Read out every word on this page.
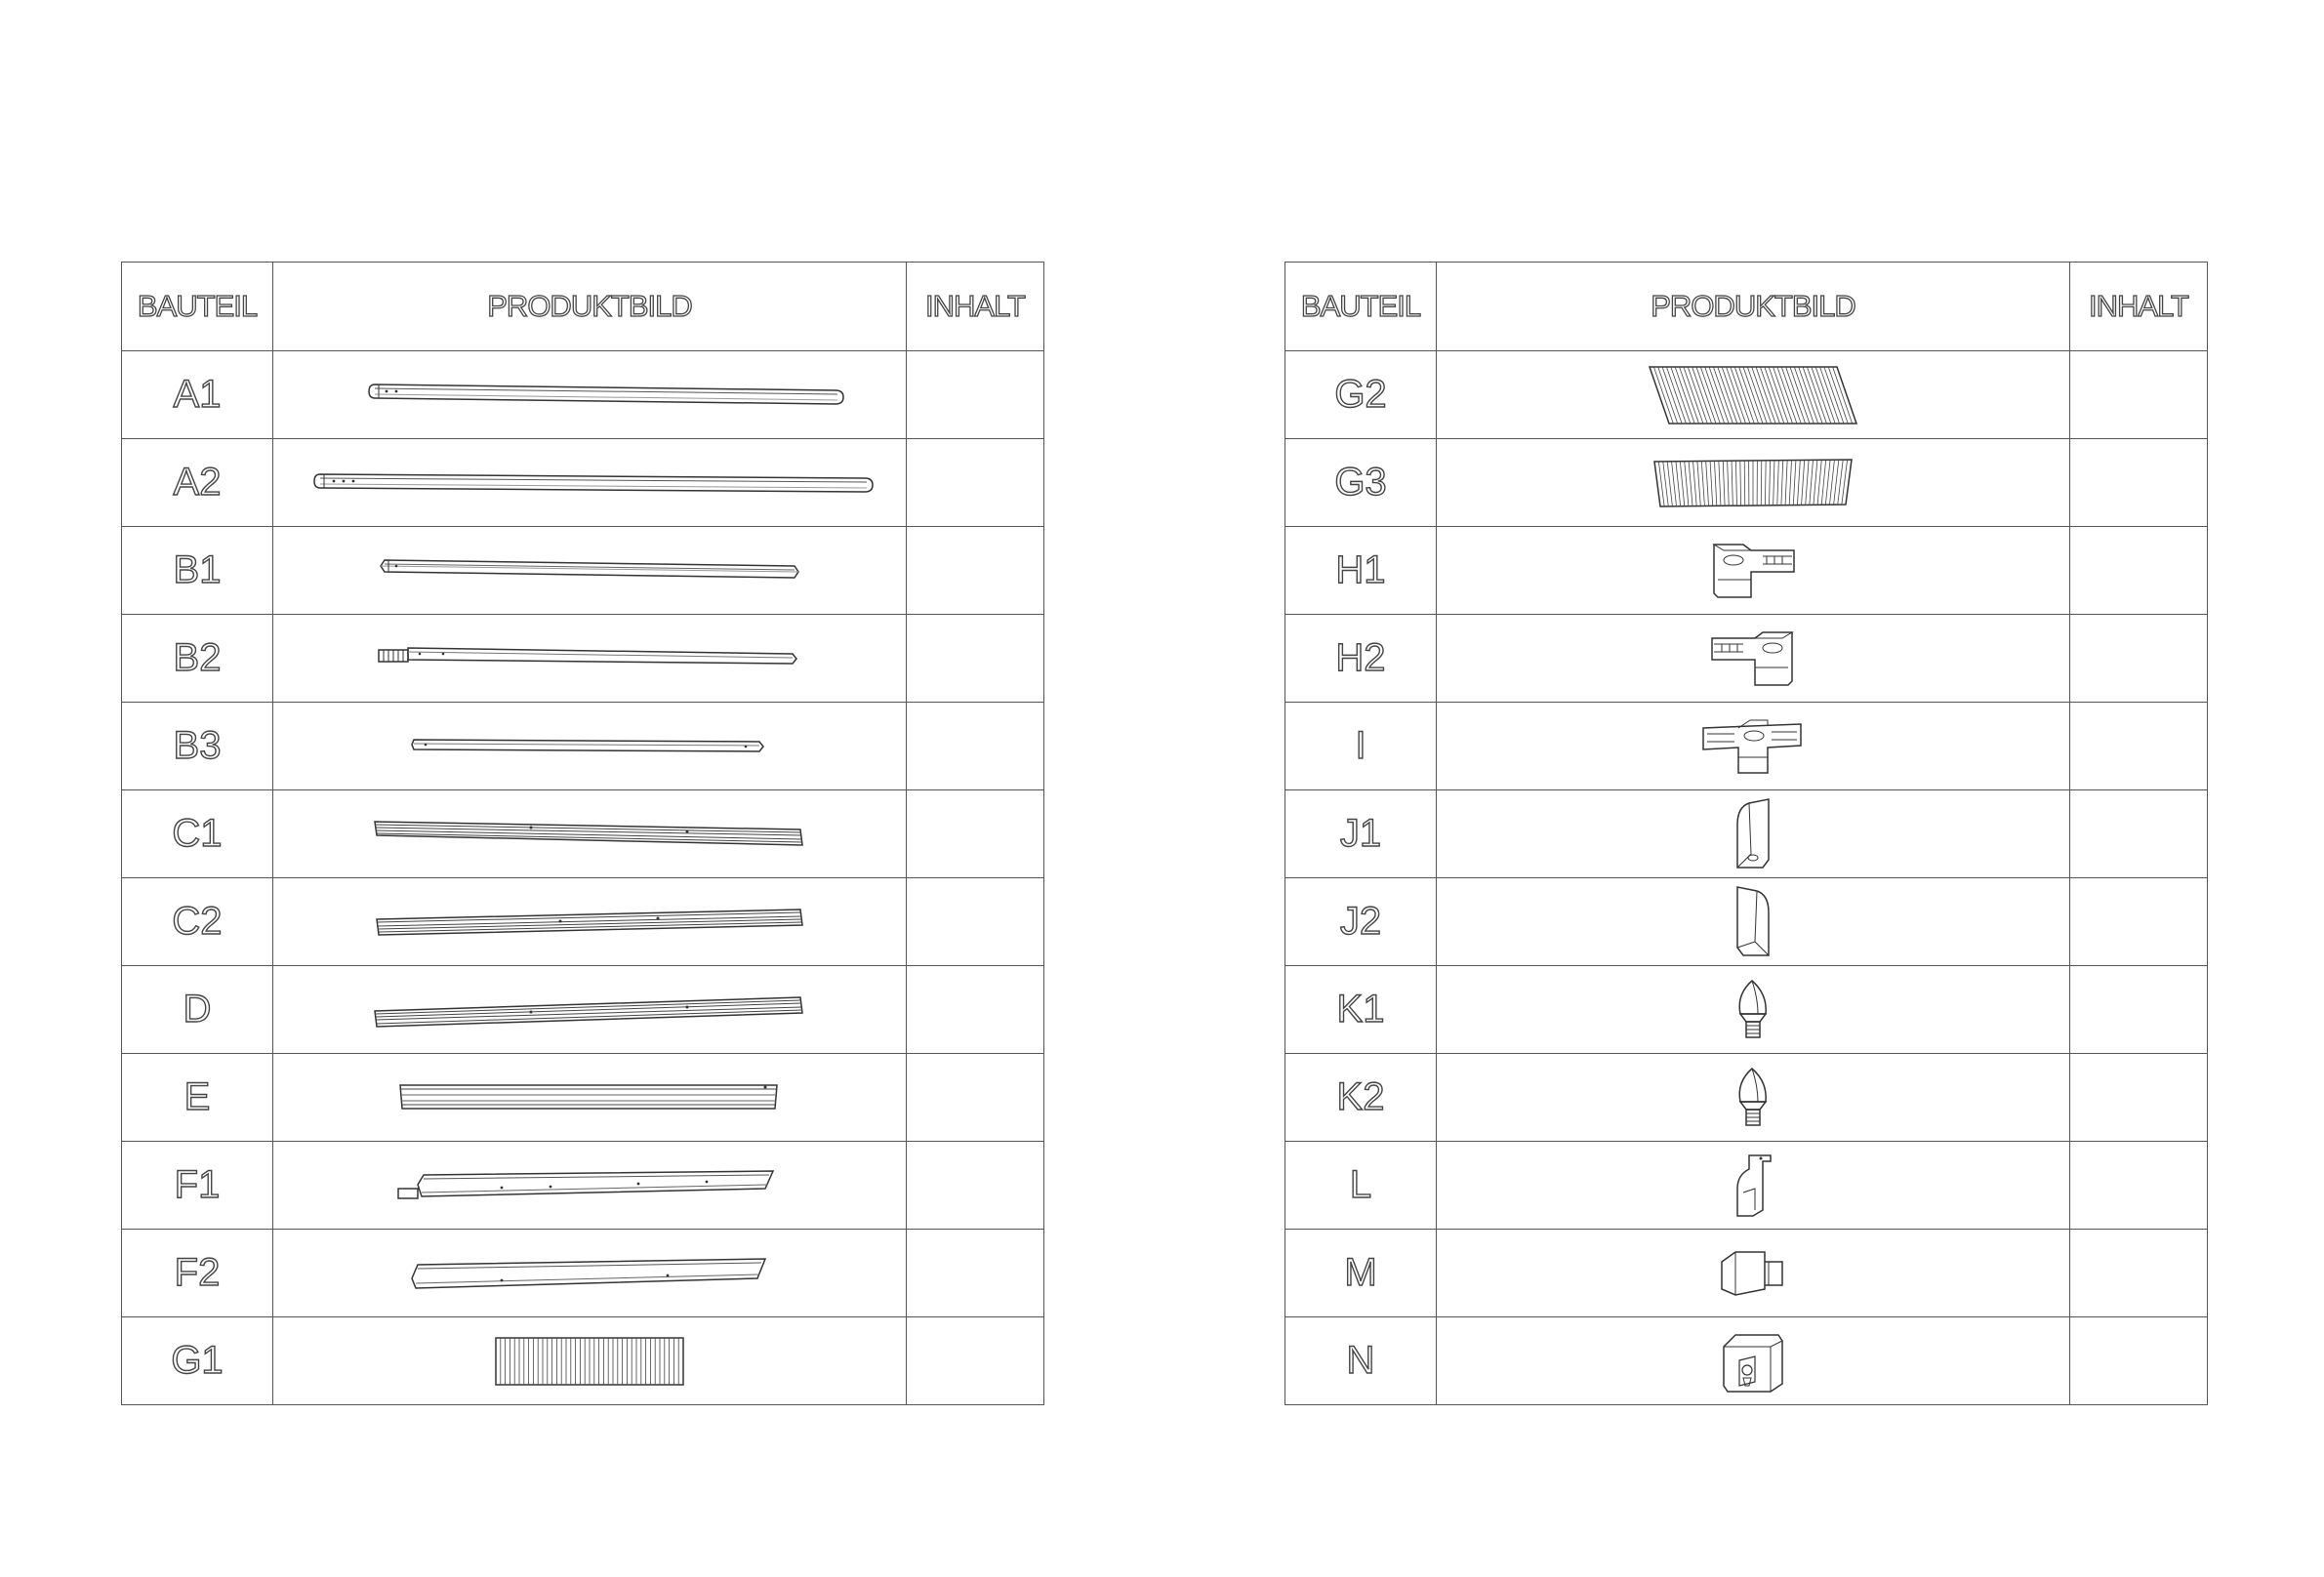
BAUTEIL	PRODUKTBILD	INHALT
A1	

A2	

B1	

B2	

B3	

C1	

C2	

D	

E	

F1	

F2	

G1	

BAUTEIL	PRODUKTBILD	INHALT
G2	

G3	

H1	

H2	

I	

J1	

J2	

K1	

K2	

L	

M	

N	
